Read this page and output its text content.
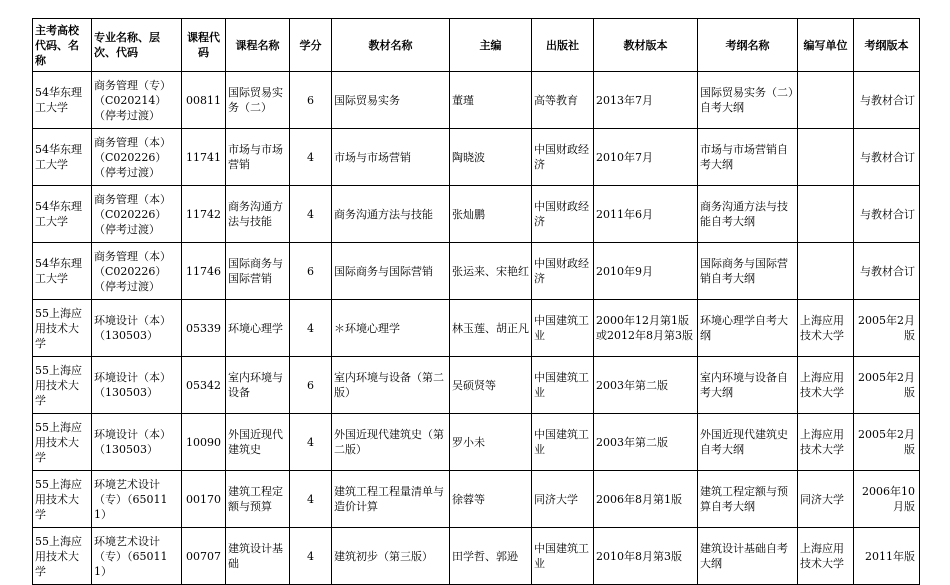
主考高校代码、名称	专业名称、层次、代码	课程代码	课程名称	学分	教材名称	主编	出版社	教材版本	考纲名称	编写单位	考纲版本
54华东理工大学	商务管理（专）（C020214）（停考过渡）	00811	国际贸易实务（二）	6	国际贸易实务	董瑾	高等教育	2013年7月	国际贸易实务（二）自考大纲		与教材合订
54华东理工大学	商务管理（本）（C020226）（停考过渡）	11741	市场与市场营销	4	市场与市场营销	陶晓波	中国财政经济	2010年7月	市场与市场营销自考大纲		与教材合订
54华东理工大学	商务管理（本）（C020226）（停考过渡）	11742	商务沟通方法与技能	4	商务沟通方法与技能	张灿鹏	中国财政经济	2011年6月	商务沟通方法与技能自考大纲		与教材合订
54华东理工大学	商务管理（本）（C020226）（停考过渡）	11746	国际商务与国际营销	6	国际商务与国际营销	张运来、宋艳红	中国财政经济	2010年9月	国际商务与国际营销自考大纲		与教材合订
55上海应用技术大学	环境设计（本）（130503）	05339	环境心理学	4	＊环境心理学	林玉莲、胡正凡	中国建筑工业	2000年12月第1版或2012年8月第3版	环境心理学自考大纲	上海应用技术大学	2005年2月版
55上海应用技术大学	环境设计（本）（130503）	05342	室内环境与设备	6	室内环境与设备（第二版）	吴硕贤等	中国建筑工业	2003年第二版	室内环境与设备自考大纲	上海应用技术大学	2005年2月版
55上海应用技术大学	环境设计（本）（130503）	10090	外国近现代建筑史	4	外国近现代建筑史（第二版）	罗小未	中国建筑工业	2003年第二版	外国近现代建筑史自考大纲	上海应用技术大学	2005年2月版
55上海应用技术大学	环境艺术设计（专）（650111）	00170	建筑工程定额与预算	4	建筑工程工程量清单与造价计算	徐蓉等	同济大学	2006年8月第1版	建筑工程定额与预算自考大纲	同济大学	2006年10月版
55上海应用技术大学	环境艺术设计（专）（650111）	00707	建筑设计基础	4	建筑初步（第三版）	田学哲、郭逊	中国建筑工业	2010年8月第3版	建筑设计基础自考大纲	上海应用技术大学	2011年版
